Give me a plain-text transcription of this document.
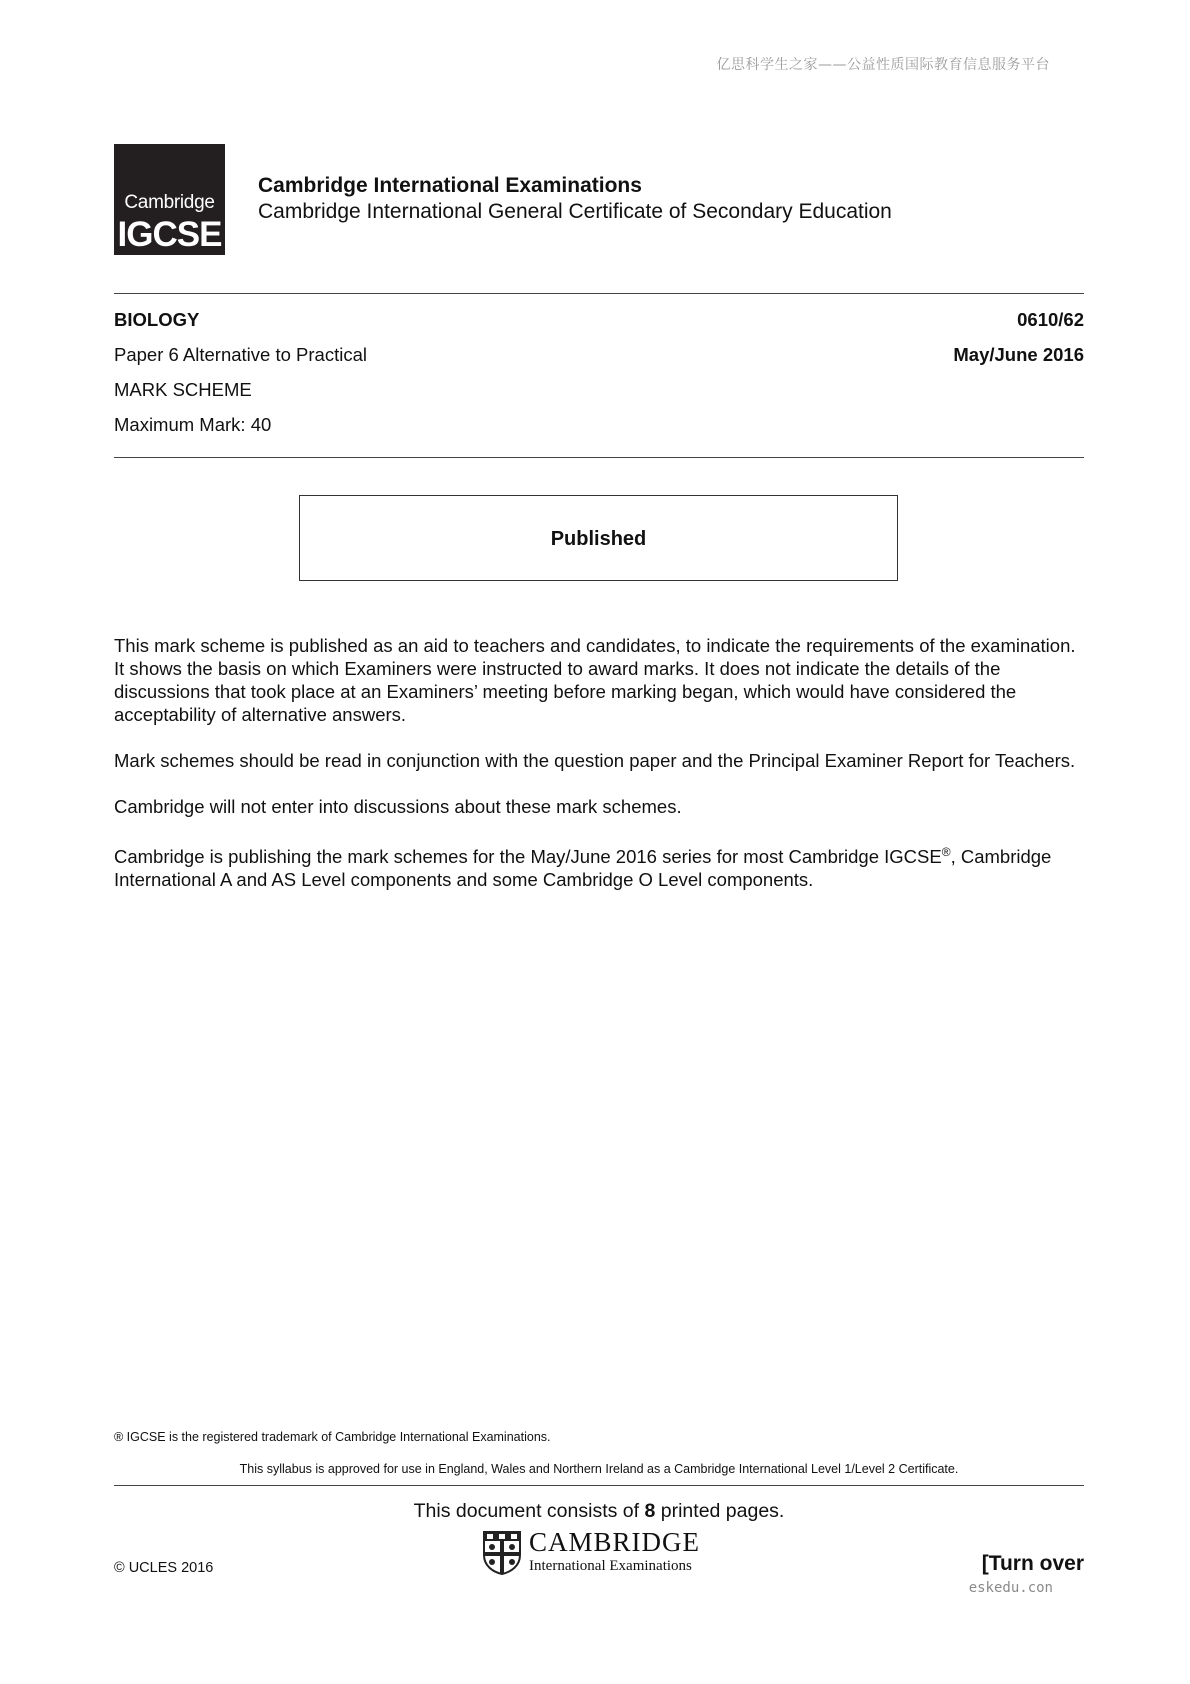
亿思科学生之家——公益性质国际教育信息服务平台
Cambridge
IGCSE
Cambridge International Examinations
Cambridge International General Certificate of Secondary Education
BIOLOGY	0610/62
Paper 6 Alternative to Practical	May/June 2016
MARK SCHEME
Maximum Mark: 40
Published

This mark scheme is published as an aid to teachers and candidates, to indicate the requirements of the examination. It shows the basis on which Examiners were instructed to award marks. It does not indicate the details of the discussions that took place at an Examiners’ meeting before marking began, which would have considered the acceptability of alternative answers.

Mark schemes should be read in conjunction with the question paper and the Principal Examiner Report for Teachers.

Cambridge will not enter into discussions about these mark schemes.

Cambridge is publishing the mark schemes for the May/June 2016 series for most Cambridge IGCSE®, Cambridge International A and AS Level components and some Cambridge O Level components.

® IGCSE is the registered trademark of Cambridge International Examinations.
This syllabus is approved for use in England, Wales and Northern Ireland as a Cambridge International Level 1/Level 2 Certificate.
This document consists of 8 printed pages.
© UCLES 2016
CAMBRIDGE
International Examinations	[Turn over
eskedu.con
